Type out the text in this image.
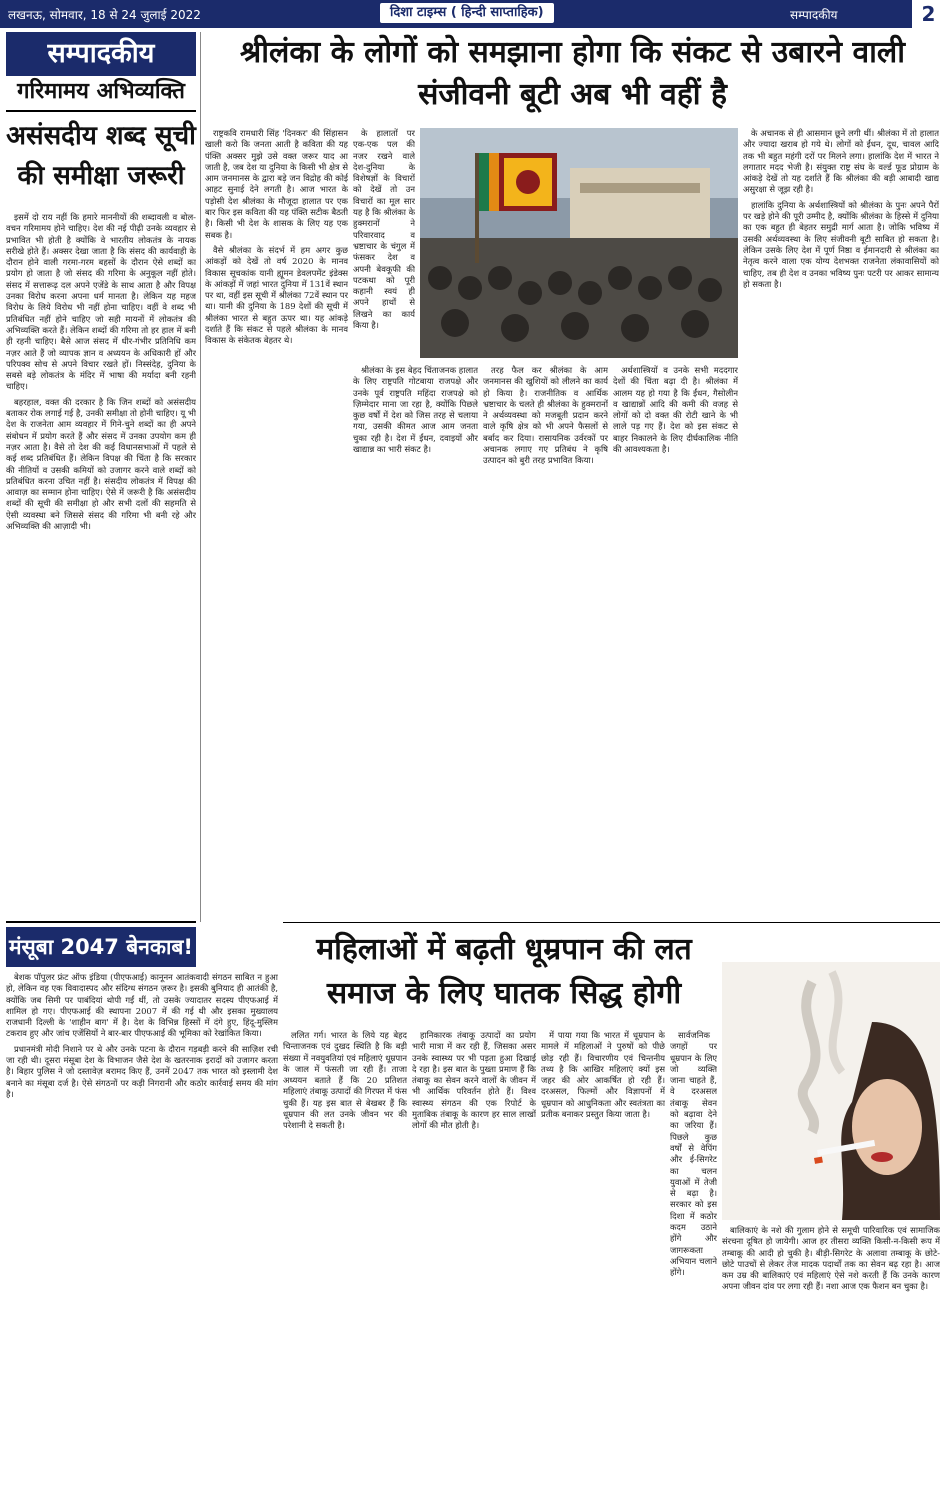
लखनऊ, सोमवार, 18 से 24 जुलाई 2022	दिशा टाइम्स ( हिन्दी साप्ताहिक)	सम्पादकीय	2
सम्पादकीय
गरिमामय अभिव्यक्ति
असंसदीय शब्द सूची की समीक्षा जरूरी

इसमें दो राय नहीं कि हमारे माननीयों की शब्दावली व बोल-वचन गरिमामय होने चाहिए। देश की नई पीढ़ी उनके व्यवहार से प्रभावित भी होती है क्योंकि वे भारतीय लोकतंत्र के नायक सरीखे होते हैं। अक्सर देखा जाता है कि संसद की कार्यवाही के दौरान होने वाली गरमा-गरम बहसों के दौरान ऐसे शब्दों का प्रयोग हो जाता है जो संसद की गरिमा के अनुकूल नहीं होते। संसद में सत्तारूढ़ दल अपने एजेंडे के साथ आता है और विपक्ष उनका विरोध करना अपना धर्म मानता है। लेकिन यह महज विरोध के लिये विरोध भी नहीं होना चाहिए। वहीं वे शब्द भी प्रतिबंधित नहीं होने चाहिए जो सही मायनों में लोकतंत्र की अभिव्यक्ति करते हैं। लेकिन शब्दों की गरिमा तो हर हाल में बनी ही रहनी चाहिए। बैसे आज संसद में धीर-गंभीर प्रतिनिधि कम नज़र आते हैं जो व्यापक ज्ञान व अध्ययन के अधिकारी हों और परिपक्व सोच से अपने विचार रखते हों। निस्संदेह, दुनिया के सबसे बड़े लोकतंत्र के मंदिर में भाषा की मर्यादा बनी रहनी चाहिए।

बहरहाल, वक्त की दरकार है कि जिन शब्दों को असंसदीय बताकर रोक लगाई गई है, उनकी समीक्षा तो होनी चाहिए। यू भी देश के राजनेता आम व्यवहार में गिने-चुने शब्दों का ही अपने संबोधन में प्रयोग करते हैं और संसद में उनका उपयोग कम ही नज़र आता है। वैसे तो देश की कई विधानसभाओं में पहले से कई शब्द प्रतिबंधित हैं। लेकिन विपक्ष की चिंता है कि सरकार की नीतियों व उसकी कमियों को उजागर करने वाले शब्दों को प्रतिबंधित करना उचित नहीं है। संसदीय लोकतंत्र में विपक्ष की आवाज़ का सम्मान होना चाहिए। ऐसे में जरूरी है कि असंसदीय शब्दों की सूची की समीक्षा हो और सभी दलों की सहमति से ऐसी व्यवस्था बने जिससे संसद की गरिमा भी बनी रहे और अभिव्यक्ति की आज़ादी भी।

मंसूबा 2047 बेनकाब!

बेशक पॉपुलर फ्रंट ऑफ इंडिया (पीएफआई) कानूनन आतंकवादी संगठन साबित न हुआ हो, लेकिन वह एक विवादास्पद और संदिग्ध संगठन ज़रूर है। इसकी बुनियाद ही आतंकी है, क्योंकि जब सिमी पर पाबंदियां थोपी गईं थीं, तो उसके ज्यादातर सदस्य पीएफआई में शामिल हो गए। पीएफआई की स्थापना 2007 में की गई थी और इसका मुख्यालय राजधानी दिल्ली के 'शाहीन बाग' में है। देश के विभिन्न हिस्सों में दंगे हुए, हिंदू-मुस्लिम टकराव हुए और जांच एजेंसियों ने बार-बार पीएफआई की भूमिका को रेखांकित किया।

प्रधानमंत्री मोदी निशाने पर थे और उनके पटना के दौरान गड़बड़ी करने की साज़िश रची जा रही थी। दूसरा मंसूबा देश के विभाजन जैसे देश के खतरनाक इरादों को उजागर करता है। बिहार पुलिस ने जो दस्तावेज़ बरामद किए हैं, उनमें 2047 तक भारत को इस्लामी देश बनाने का मंसूबा दर्ज है। ऐसे संगठनों पर कड़ी निगरानी और कठोर कार्रवाई समय की मांग है।

श्रीलंका के लोगों को समझाना होगा कि संकट से उबारने वाली संजीवनी बूटी अब भी वहीं है

राष्ट्रकवि रामधारी सिंह 'दिनकर' की सिंहासन खाली करो कि जनता आती है कविता की यह पंक्ति अक्सर मुझे उसे वक्त जरूर याद आ जाती है, जब देश या दुनिया के किसी भी क्षेत्र से आम जनमानस के द्वारा बड़े जन विद्रोह की कोई आहट सुनाई देने लगती है। आज भारत के पड़ोसी देश श्रीलंका के मौजूदा हालात पर एक बार फिर इस कविता की यह पंक्ति सटीक बैठती है। किसी भी देश के शासक के लिए यह एक सबक है।

वैसे श्रीलंका के संदर्भ में हम अगर कुछ आंकड़ों को देखें तो वर्ष 2020 के मानव विकास सूचकांक यानी ह्यूमन डेवलपमेंट इंडेक्स के आंकड़ों में जहां भारत दुनिया में 131वें स्थान पर था, वहीं इस सूची में श्रीलंका 72वें स्थान पर था। यानी की दुनिया के 189 देशों की सूची में श्रीलंका भारत से बहुत ऊपर था। यह आंकड़े दर्शाते हैं कि संकट से पहले श्रीलंका के मानव विकास के संकेतक बेहतर थे।

के हालातों पर एक-एक पल की नजर रखने वाले देश-दुनिया के विशेषज्ञों के विचारों को देखें तो उन विचारों का मूल सार यह है कि श्रीलंका के हुक्मरानों ने परिवारवाद व भ्रष्टाचार के चंगुल में फंसकर देश व अपनी बेवकूफी की पटकथा को पूरी कहानी स्वयं ही अपने हाथों से लिखने का कार्य किया है।

श्रीलंका के इस बेहद चिंताजनक हालात के लिए राष्ट्रपति गोटबाया राजपक्षे और उनके पूर्व राष्ट्रपति महिंदा राजपक्षे को ज़िम्मेदार माना जा रहा है, क्योंकि पिछले कुछ वर्षों में देश को जिस तरह से चलाया गया, उसकी कीमत आज आम जनता चुका रही है। देश में ईंधन, दवाइयों और खाद्यान्न का भारी संकट है।

तरह फैल कर श्रीलंका के आम जनमानस की खुशियों को लीलने का कार्य हो किया है। राजनीतिक व आर्थिक भ्रष्टाचार के चलते ही श्रीलंका के हुक्मरानों ने अर्थव्यवस्था को मजबूती प्रदान करने वाले कृषि क्षेत्र को भी अपने फैसलों से बर्बाद कर दिया। रासायनिक उर्वरकों पर अचानक लगाए गए प्रतिबंध ने कृषि उत्पादन को बुरी तरह प्रभावित किया।

अर्थशास्त्रियों व उनके सभी मददगार देशों की चिंता बढ़ा दी है। श्रीलंका में आलम यह हो गया है कि ईंधन, गैसोलीन व खाद्यान्नों आदि की कमी की वजह से लोगों को दो वक्त की रोटी खाने के भी लाले पड़ गए हैं। देश को इस संकट से बाहर निकालने के लिए दीर्घकालिक नीति की आवश्यकता है।

के अचानक से ही आसमान छूने लगी थीं। श्रीलंका में तो हालात और ज्यादा खराब हो गये थे। लोगों को ईंधन, दूध, चावल आदि तक भी बहुत महंगी दरों पर मिलने लगा। हालांकि देश में भारत ने लगातार मदद भेजी है। संयुक्त राष्ट्र संघ के वर्ल्ड फूड प्रोग्राम के आंकड़े देखें तो यह दर्शाते हैं कि श्रीलंका की बड़ी आबादी खाद्य असुरक्षा से जूझ रही है।

हालांकि दुनिया के अर्थशास्त्रियों को श्रीलंका के पुनः अपने पैरों पर खड़े होने की पूरी उम्मीद है, क्योंकि श्रीलंका के हिस्से में दुनिया का एक बहुत ही बेहतर समुद्री मार्ग आता है। जोकि भविष्य में उसकी अर्थव्यवस्था के लिए संजीवनी बूटी साबित हो सकता है। लेकिन उसके लिए देश में पूर्ण निष्ठा व ईमानदारी से श्रीलंका का नेतृत्व करने वाला एक योग्य देशभक्त राजनेता लंकावासियों को चाहिए, तब ही देश व उनका भविष्य पुनः पटरी पर आकर सामान्य हो सकता है।

महिलाओं में बढ़ती धूम्रपान की लत समाज के लिए घातक सिद्ध होगी

ललित गर्ग। भारत के लिये यह बेहद चिन्ताजनक एवं दुखद स्थिति है कि बड़ी संख्या में नवयुवतियां एवं महिलाएं धूम्रपान के जाल में फंसती जा रही हैं। ताजा अध्ययन बताते हैं कि 20 प्रतिशत महिलाएं तंबाकू उत्पादों की गिरफ्त में फंस चुकी हैं। यह इस बात से बेखबर हैं कि धूम्रपान की लत उनके जीवन भर की परेशानी दे सकती है।

हानिकारक तंबाकू उत्पादों का प्रयोग भारी मात्रा में कर रही हैं, जिसका असर उनके स्वास्थ्य पर भी पड़ता हुआ दिखाई दे रहा है। इस बात के पुख्ता प्रमाण हैं कि तंबाकू का सेवन करने वालों के जीवन में भी आर्थिक परिवर्तन होते हैं। विश्व स्वास्थ्य संगठन की एक रिपोर्ट के मुताबिक तंबाकू के कारण हर साल लाखों लोगों की मौत होती है।

में पाया गया कि भारत में धूम्रपान के मामले में महिलाओं ने पुरुषों को पीछे छोड़ रही हैं। विचारणीय एवं चिन्तनीय तथ्य है कि आखिर महिलाएं क्यों इस जहर की ओर आकर्षित हो रही हैं। दरअसल, फिल्मों और विज्ञापनों में धूम्रपान को आधुनिकता और स्वतंत्रता का प्रतीक बनाकर प्रस्तुत किया जाता है।

सार्वजनिक जगहों पर धूम्रपान के लिए जो व्यक्ति जाना चाहते हैं, वे दरअसल तंबाकू सेवन को बढ़ावा देने का जरिया हैं। पिछले कुछ वर्षों से वेपिंग और ई-सिगरेट का चलन युवाओं में तेजी से बढ़ा है। सरकार को इस दिशा में कठोर कदम उठाने होंगे और जागरूकता अभियान चलाने होंगे।

बालिकाएं के नशे की गुलाम होने से समूची पारिवारिक एवं सामाजिक संरचना दूषित हो जायेगी। आज हर तीसरा व्यक्ति किसी-न-किसी रूप में तम्बाकू की आदी हो चुकी है। बीड़ी-सिगरेट के अलावा तम्बाकू के छोटे-छोटे पाउचों से लेकर तेज मादक पदार्थों तक का सेवन बढ़ रहा है। आज कम उम्र की बालिकाएं एवं महिलाएं ऐसे नशे करती हैं कि उनके कारण अपना जीवन दांव पर लगा रही हैं। नशा आज एक फैशन बन चुका है।
